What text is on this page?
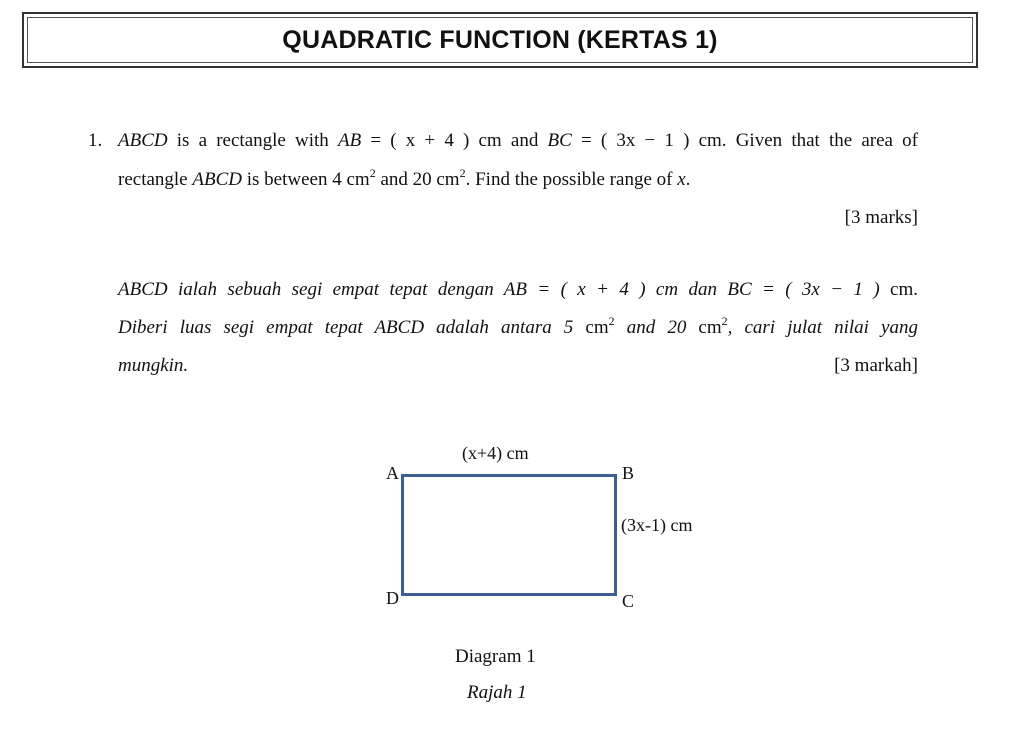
QUADRATIC FUNCTION (KERTAS 1)
1. ABCD is a rectangle with AB = ( x + 4 ) cm and BC = ( 3x − 1 ) cm. Given that the area of
rectangle ABCD is between 4 $cm^2$ and 20 $cm^2$. Find the possible range of x.
[3 marks]
ABCD ialah sebuah segi empat tepat dengan AB = ( x + 4 ) cm dan BC = ( 3x − 1 ) cm.
Diberi luas segi empat tepat ABCD adalah antara 5 $cm^2$ and 20 $cm^2$, cari julat nilai yang
mungkin.	[3 markah]
(x+4) cm
A	B
(3x-1) cm
D	C
Diagram 1
Rajah 1
